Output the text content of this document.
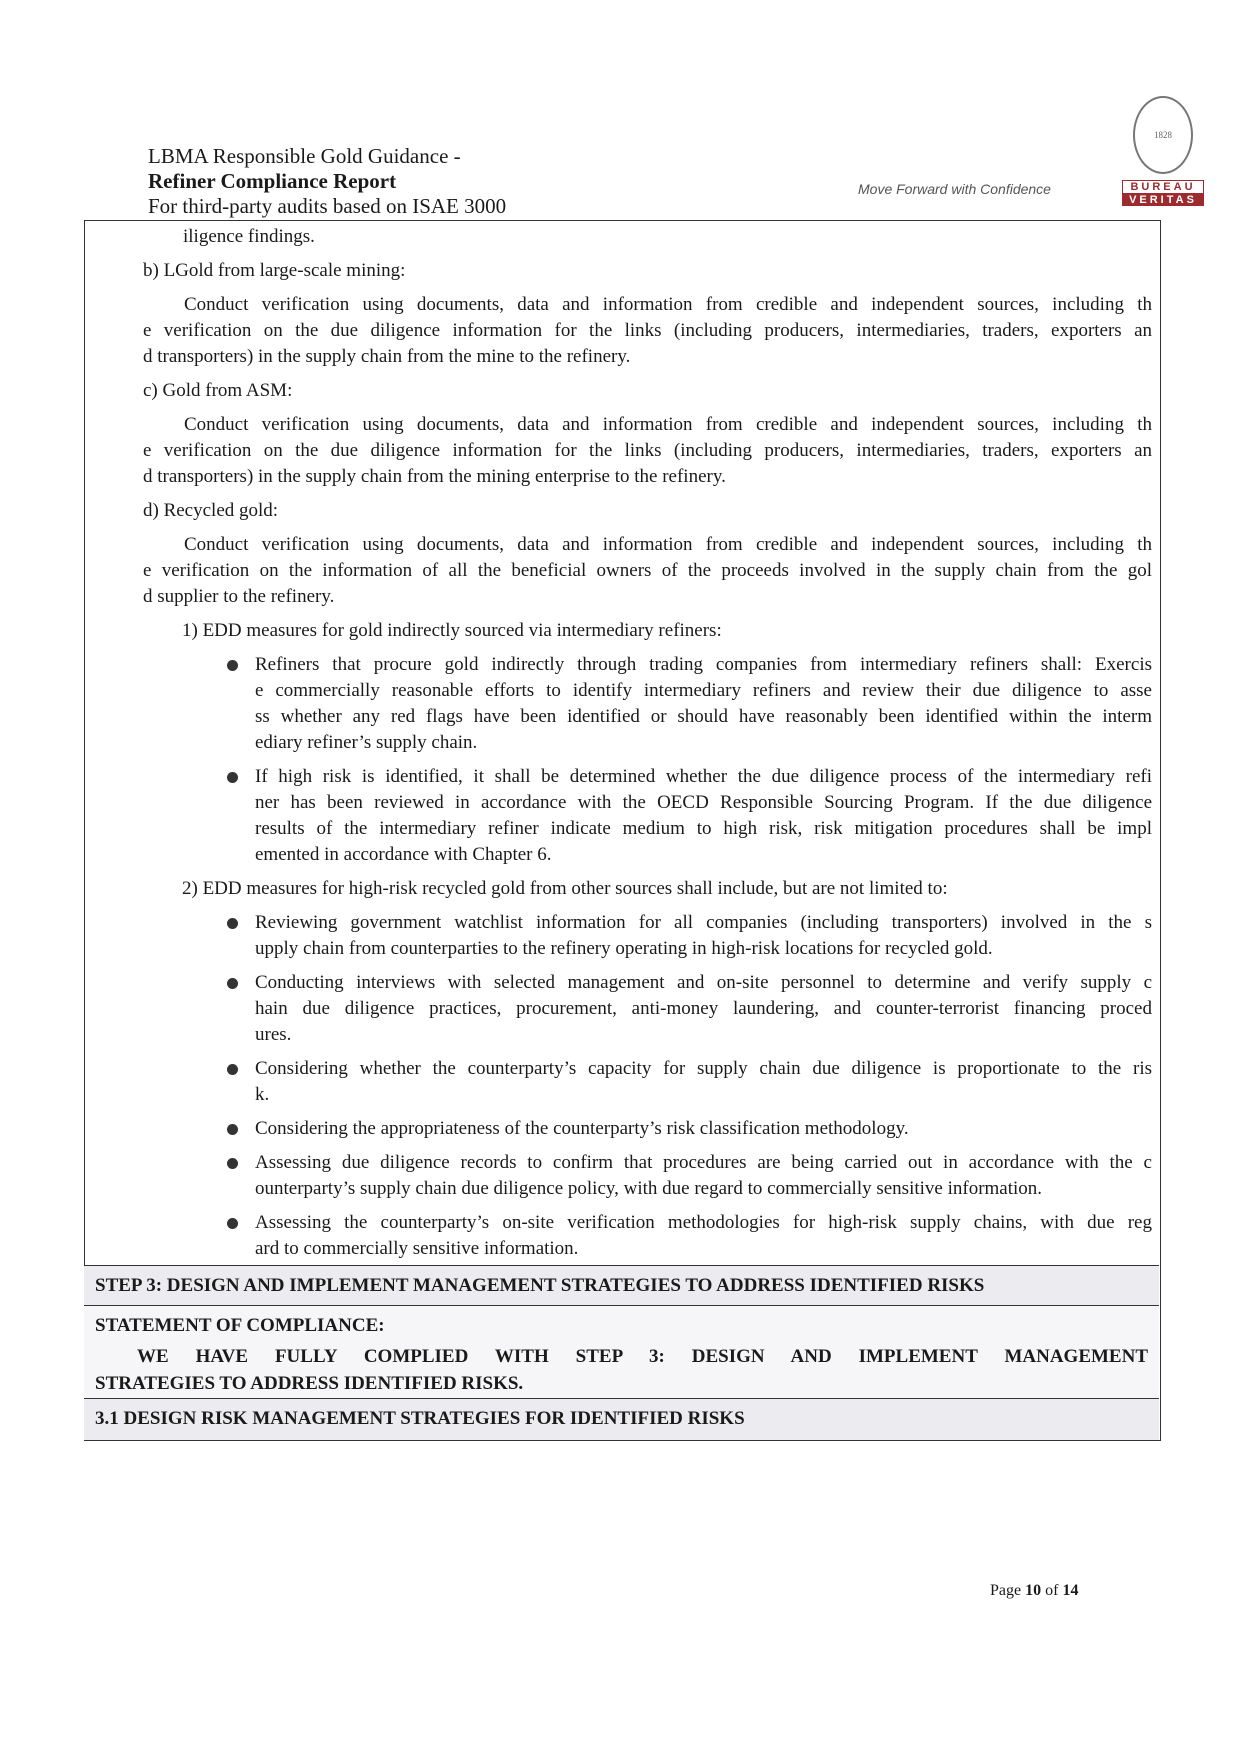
LBMA Responsible Gold Guidance -
Refiner Compliance Report
For third-party audits based on ISAE 3000
Move Forward with Confidence
1828
BUREAU
VERITAS
iligence findings.
b) LGold from large-scale mining:
Conduct verification using documents, data and information from credible and independent sources, including th
e verification on the due diligence information for the links (including producers, intermediaries, traders, exporters an
d transporters) in the supply chain from the mine to the refinery.
c) Gold from ASM:
Conduct verification using documents, data and information from credible and independent sources, including th
e verification on the due diligence information for the links (including producers, intermediaries, traders, exporters an
d transporters) in the supply chain from the mining enterprise to the refinery.
d) Recycled gold:
Conduct verification using documents, data and information from credible and independent sources, including th
e verification on the information of all the beneficial owners of the proceeds involved in the supply chain from the gol
d supplier to the refinery.
1) EDD measures for gold indirectly sourced via intermediary refiners:
Refiners that procure gold indirectly through trading companies from intermediary refiners shall: Exercis
e commercially reasonable efforts to identify intermediary refiners and review their due diligence to asse
ss whether any red flags have been identified or should have reasonably been identified within the interm
ediary refiner’s supply chain.
If high risk is identified, it shall be determined whether the due diligence process of the intermediary refi
ner has been reviewed in accordance with the OECD Responsible Sourcing Program. If the due diligence
results of the intermediary refiner indicate medium to high risk, risk mitigation procedures shall be impl
emented in accordance with Chapter 6.
2) EDD measures for high-risk recycled gold from other sources shall include, but are not limited to:
Reviewing government watchlist information for all companies (including transporters) involved in the s
upply chain from counterparties to the refinery operating in high-risk locations for recycled gold.
Conducting interviews with selected management and on-site personnel to determine and verify supply c
hain due diligence practices, procurement, anti-money laundering, and counter-terrorist financing proced
ures.
Considering whether the counterparty’s capacity for supply chain due diligence is proportionate to the ris
k.
Considering the appropriateness of the counterparty’s risk classification methodology.
Assessing due diligence records to confirm that procedures are being carried out in accordance with the c
ounterparty’s supply chain due diligence policy, with due regard to commercially sensitive information.
Assessing the counterparty’s on-site verification methodologies for high-risk supply chains, with due reg
ard to commercially sensitive information.
STEP 3: DESIGN AND IMPLEMENT MANAGEMENT STRATEGIES TO ADDRESS IDENTIFIED RISKS
STATEMENT OF COMPLIANCE:
WE HAVE FULLY COMPLIED WITH STEP 3: DESIGN AND IMPLEMENT MANAGEMENT
STRATEGIES TO ADDRESS IDENTIFIED RISKS.
3.1 DESIGN RISK MANAGEMENT STRATEGIES FOR IDENTIFIED RISKS
Page 10 of 14
